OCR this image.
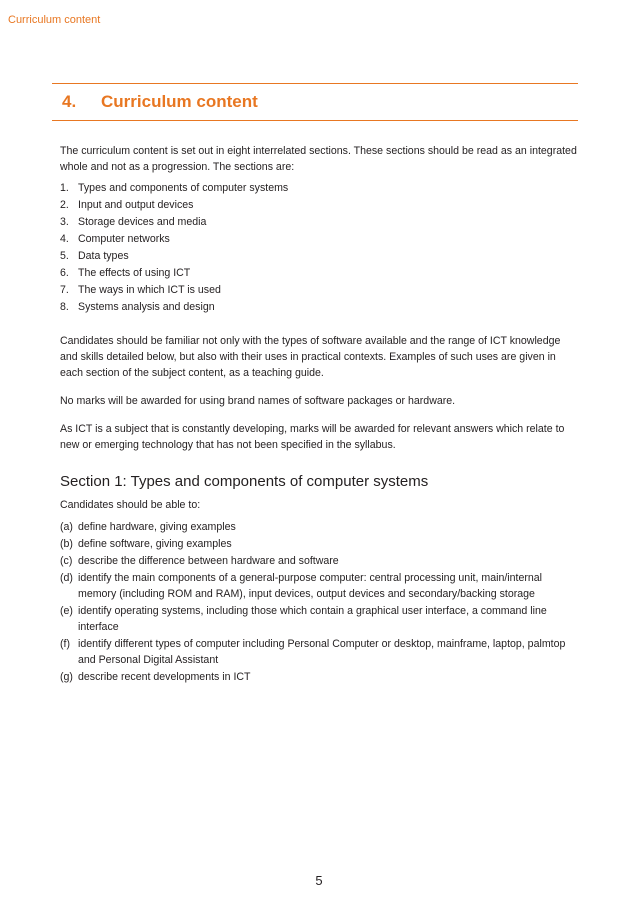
Curriculum content
4.	Curriculum content

The curriculum content is set out in eight interrelated sections. These sections should be read as an integrated whole and not as a progression. The sections are:

1. Types and components of computer systems
2. Input and output devices
3. Storage devices and media
4. Computer networks
5. Data types
6. The effects of using ICT
7. The ways in which ICT is used
8. Systems analysis and design

Candidates should be familiar not only with the types of software available and the range of ICT knowledge and skills detailed below, but also with their uses in practical contexts. Examples of such uses are given in each section of the subject content, as a teaching guide.

No marks will be awarded for using brand names of software packages or hardware.

As ICT is a subject that is constantly developing, marks will be awarded for relevant answers which relate to new or emerging technology that has not been specified in the syllabus.

Section 1: Types and components of computer systems

Candidates should be able to:

(a) define hardware, giving examples
(b) define software, giving examples
(c) describe the difference between hardware and software
(d) identify the main components of a general-purpose computer: central processing unit, main/internal memory (including ROM and RAM), input devices, output devices and secondary/backing storage
(e) identify operating systems, including those which contain a graphical user interface, a command line interface
(f) identify different types of computer including Personal Computer or desktop, mainframe, laptop, palmtop and Personal Digital Assistant
(g) describe recent developments in ICT
5
